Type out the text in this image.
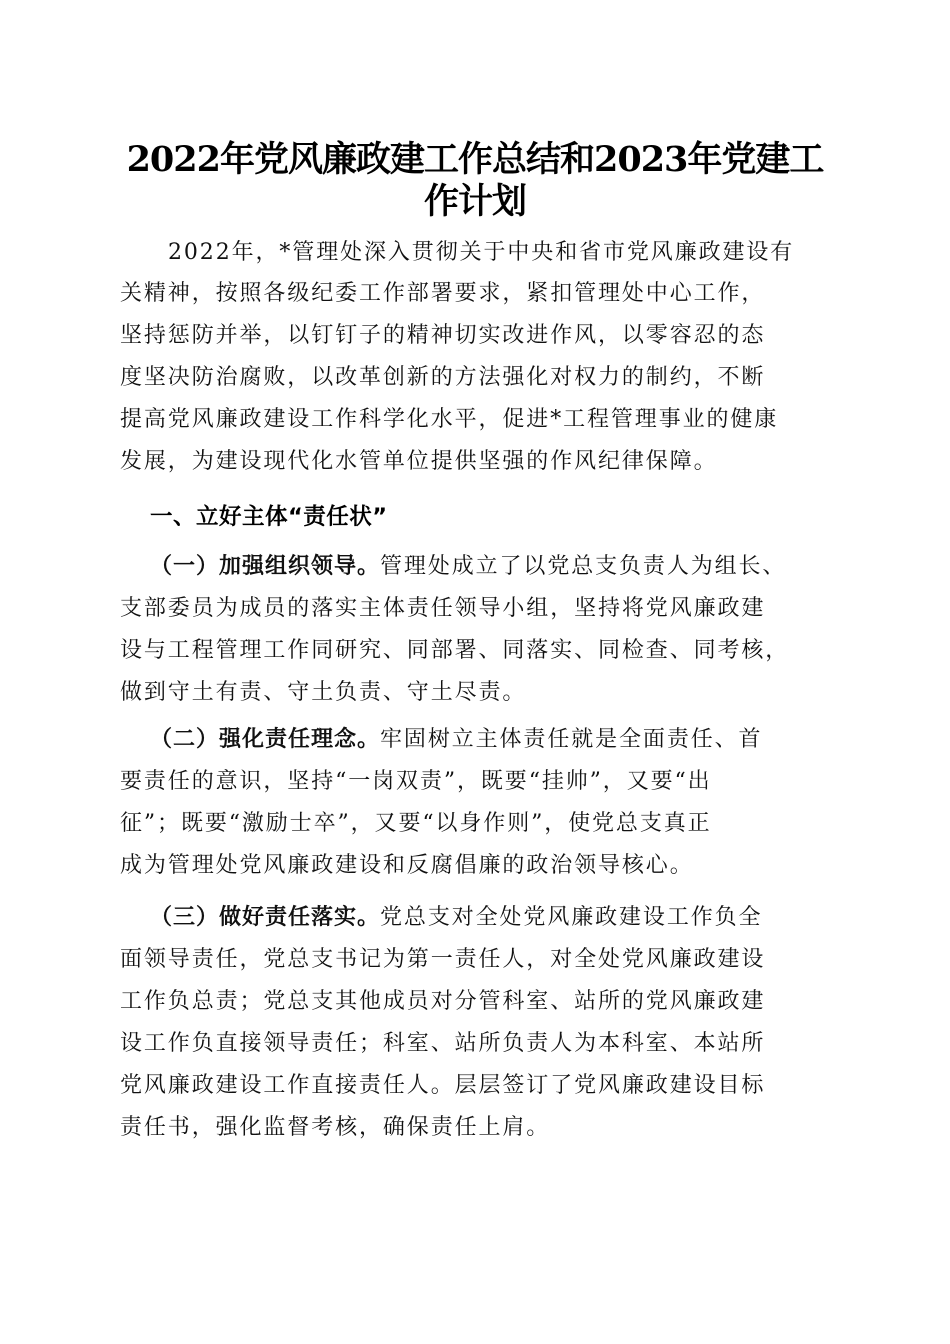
2022年党风廉政建工作总结和2023年党建工
作计划
2022年，*管理处深入贯彻关于中央和省市党风廉政建设有
关精神，按照各级纪委工作部署要求，紧扣管理处中心工作，
坚持惩防并举，以钉钉子的精神切实改进作风，以零容忍的态
度坚决防治腐败，以改革创新的方法强化对权力的制约，不断
提高党风廉政建设工作科学化水平，促进*工程管理事业的健康
发展，为建设现代化水管单位提供坚强的作风纪律保障。
一、立好主体“责任状”
（一）加强组织领导。管理处成立了以党总支负责人为组长、
支部委员为成员的落实主体责任领导小组，坚持将党风廉政建
设与工程管理工作同研究、同部署、同落实、同检查、同考核，
做到守土有责、守土负责、守土尽责。
（二）强化责任理念。牢固树立主体责任就是全面责任、首
要责任的意识，坚持“一岗双责”，既要“挂帅”，又要“出
征”；既要“激励士卒”，又要“以身作则”，使党总支真正
成为管理处党风廉政建设和反腐倡廉的政治领导核心。
（三）做好责任落实。党总支对全处党风廉政建设工作负全
面领导责任，党总支书记为第一责任人，对全处党风廉政建设
工作负总责；党总支其他成员对分管科室、站所的党风廉政建
设工作负直接领导责任；科室、站所负责人为本科室、本站所
党风廉政建设工作直接责任人。层层签订了党风廉政建设目标
责任书，强化监督考核，确保责任上肩。
